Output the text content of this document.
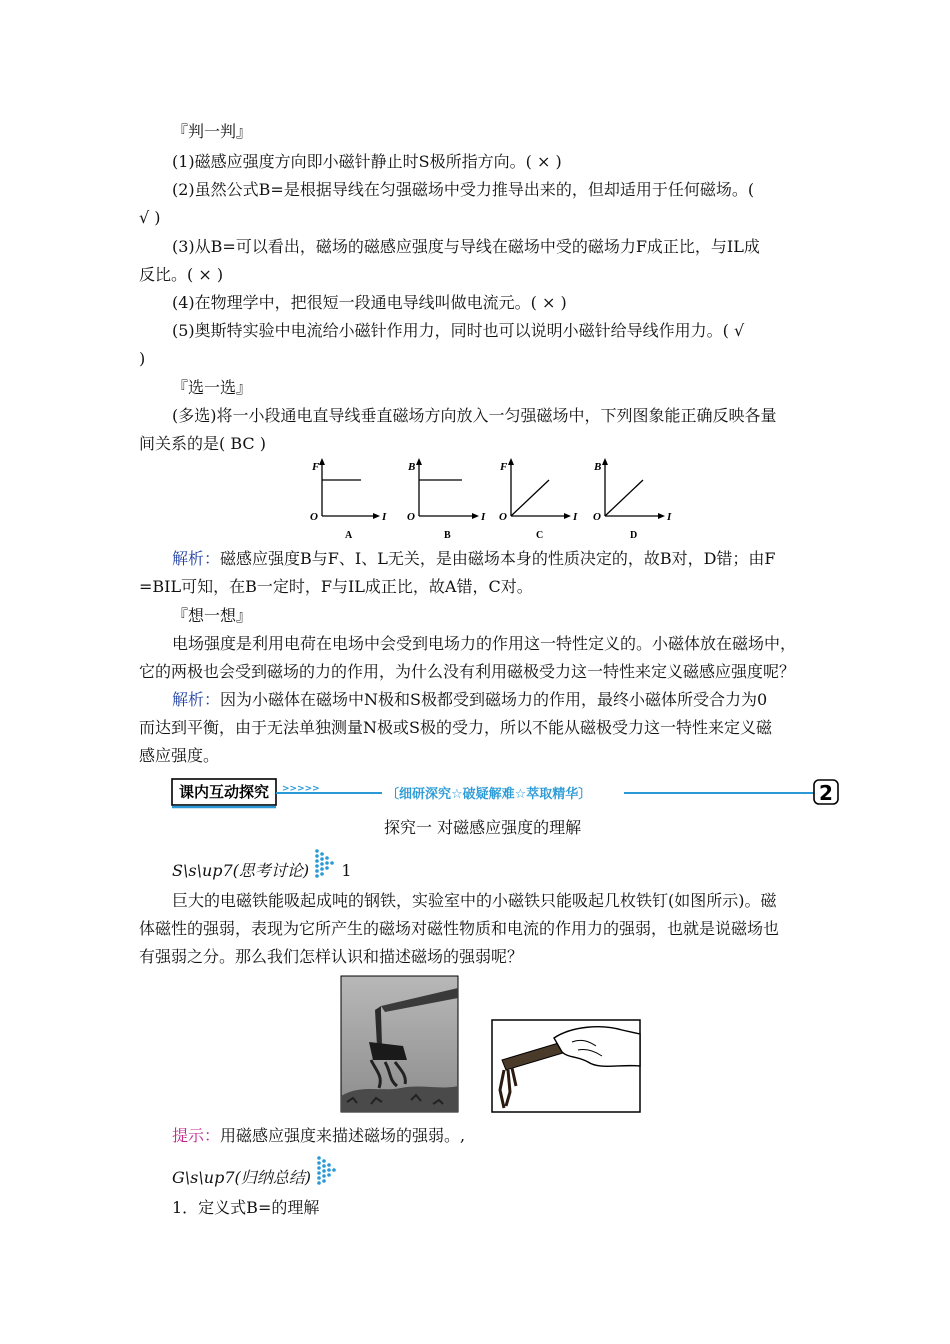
『判一判』
(1)磁感应强度方向即小磁针静止时S极所指方向。( × )
(2)虽然公式B=是根据导线在匀强磁场中受力推导出来的，但却适用于任何磁场。(
√ )
(3)从B=可以看出，磁场的磁感应强度与导线在磁场中受的磁场力F成正比，与IL成
反比。( × )
(4)在物理学中，把很短一段通电导线叫做电流元。( × )
(5)奥斯特实验中电流给小磁针作用力，同时也可以说明小磁针给导线作用力。( √
)
『选一选』
(多选)将一小段通电直导线垂直磁场方向放入一匀强磁场中，下列图象能正确反映各量
间关系的是( BC )
F
O	I
A
B
O	I
B
F
O	I
C
B
O	I
D
解析：磁感应强度B与F、I、L无关，是由磁场本身的性质决定的，故B对，D错；由F
=BIL可知，在B一定时，F与IL成正比，故A错，C对。
『想一想』
电场强度是利用电荷在电场中会受到电场力的作用这一特性定义的。小磁体放在磁场中，
它的两极也会受到磁场的力的作用，为什么没有利用磁极受力这一特性来定义磁感应强度呢？
解析：因为小磁体在磁场中N极和S极都受到磁场力的作用，最终小磁体所受合力为0
而达到平衡，由于无法单独测量N极或S极的受力，所以不能从磁极受力这一特性来定义磁
感应强度。
课内互动探究 >>>>>	〔细研深究☆破疑解难☆萃取精华〕	2
探究一 对磁感应强度的理解
S\s\up7(思考讨论) 1
巨大的电磁铁能吸起成吨的钢铁，实验室中的小磁铁只能吸起几枚铁钉(如图所示)。磁
体磁性的强弱，表现为它所产生的磁场对磁性物质和电流的作用力的强弱，也就是说磁场也
有强弱之分。那么我们怎样认识和描述磁场的强弱呢？
提示：用磁感应强度来描述磁场的强弱。,
G\s\up7(归纳总结)
1．定义式B=的理解
